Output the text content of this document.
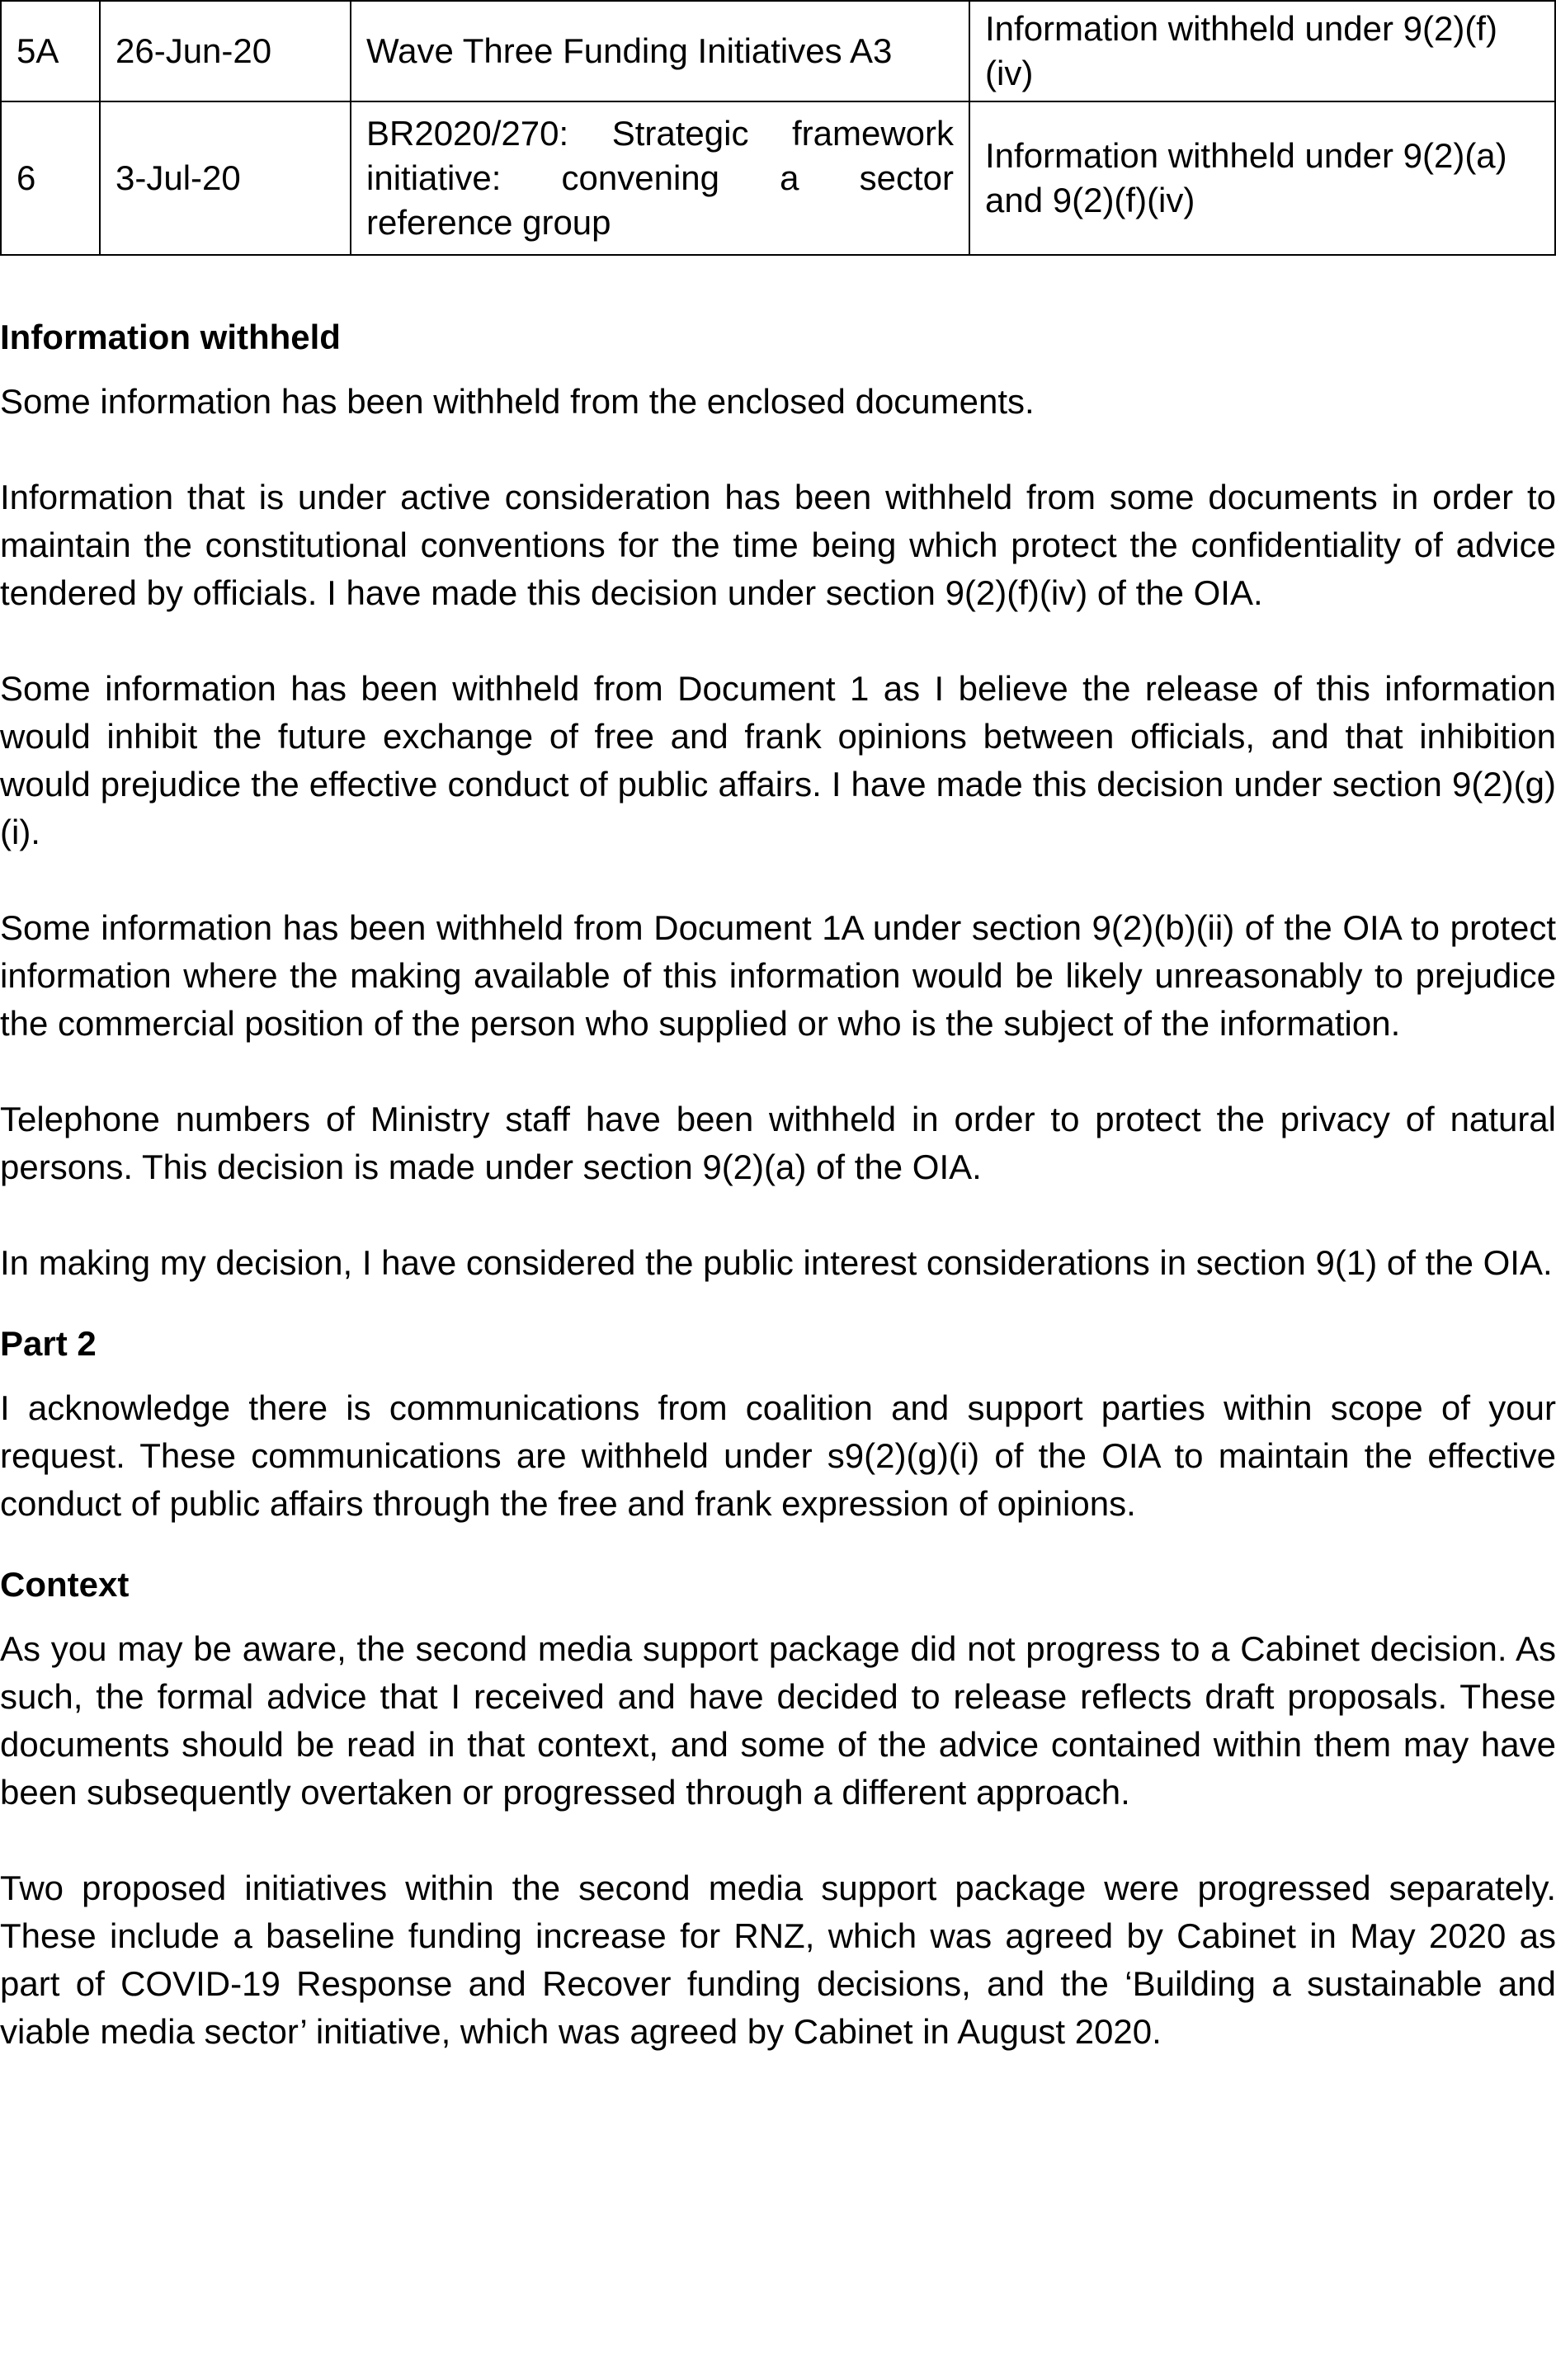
5A	26-Jun-20	Wave Three Funding Initiatives A3	Information withheld under 9(2)(f)(iv)
6	3-Jul-20	BR2020/270: Strategic framework initiative: convening a sector reference group	Information withheld under 9(2)(a) and 9(2)(f)(iv)
Information withheld

Some information has been withheld from the enclosed documents.

Information that is under active consideration has been withheld from some documents in order to maintain the constitutional conventions for the time being which protect the confidentiality of advice tendered by officials. I have made this decision under section 9(2)(f)(iv) of the OIA.

Some information has been withheld from Document 1 as I believe the release of this information would inhibit the future exchange of free and frank opinions between officials, and that inhibition would prejudice the effective conduct of public affairs. I have made this decision under section 9(2)(g)(i).

Some information has been withheld from Document 1A under section 9(2)(b)(ii) of the OIA to protect information where the making available of this information would be likely unreasonably to prejudice the commercial position of the person who supplied or who is the subject of the information.

Telephone numbers of Ministry staff have been withheld in order to protect the privacy of natural persons. This decision is made under section 9(2)(a) of the OIA.

In making my decision, I have considered the public interest considerations in section 9(1) of the OIA.

Part 2

I acknowledge there is communications from coalition and support parties within scope of your request. These communications are withheld under s9(2)(g)(i) of the OIA to maintain the effective conduct of public affairs through the free and frank expression of opinions.

Context

As you may be aware, the second media support package did not progress to a Cabinet decision. As such, the formal advice that I received and have decided to release reflects draft proposals. These documents should be read in that context, and some of the advice contained within them may have been subsequently overtaken or progressed through a different approach.

Two proposed initiatives within the second media support package were progressed separately. These include a baseline funding increase for RNZ, which was agreed by Cabinet in May 2020 as part of COVID-19 Response and Recover funding decisions, and the ‘Building a sustainable and viable media sector’ initiative, which was agreed by Cabinet in August 2020.
